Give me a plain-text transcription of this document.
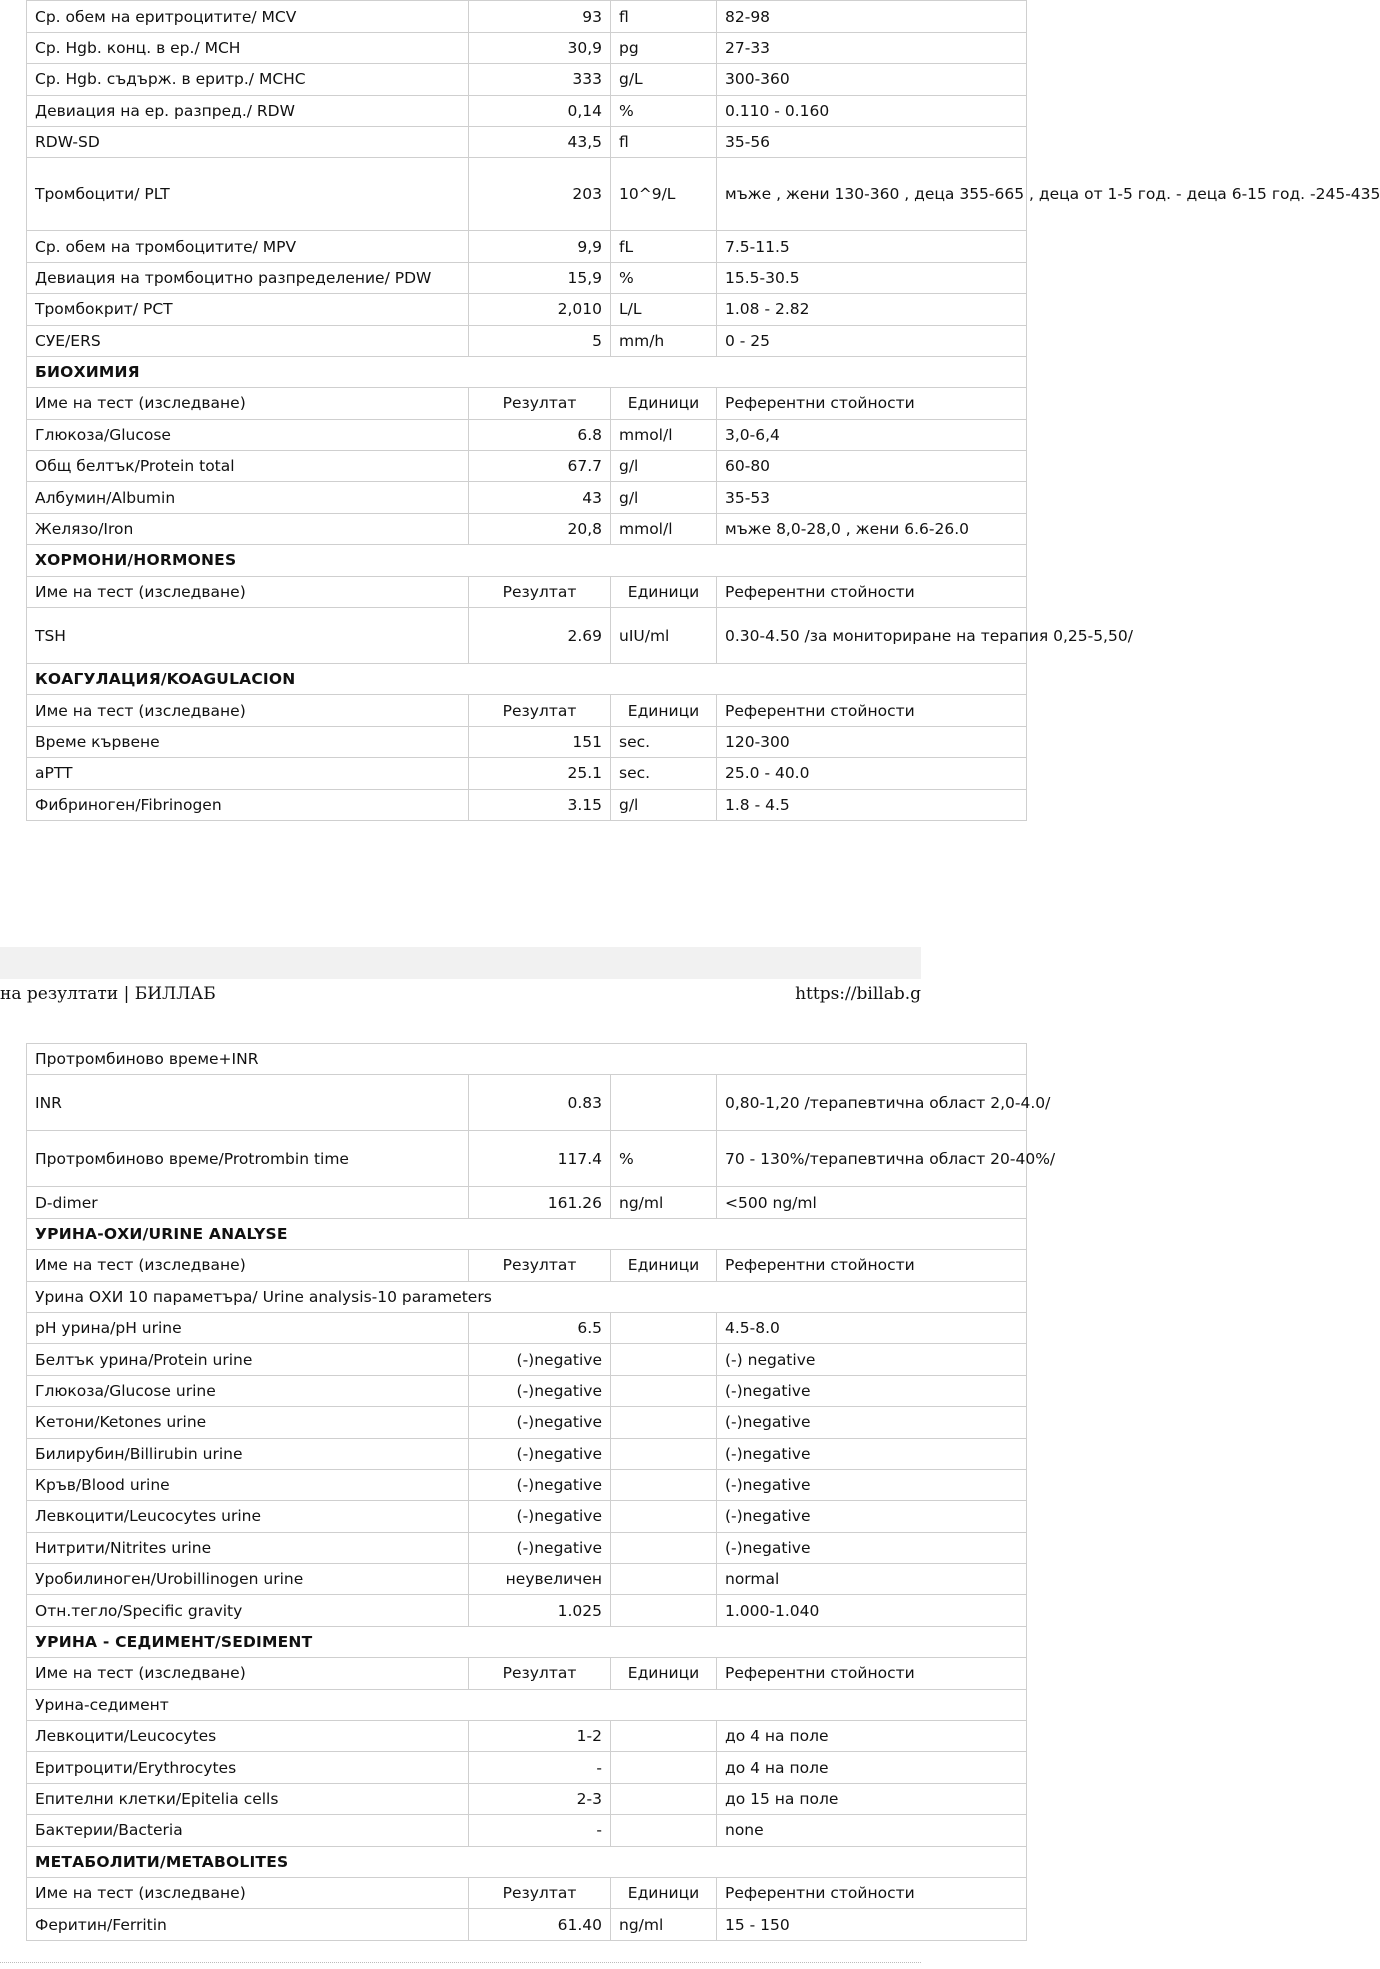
Ср. обем на еритроцитите/ MCV	93	fl	82-98
Ср. Hgb. конц. в ер./ MCH	30,9	pg	27-33
Ср. Hgb. съдърж. в еритр./ MCHC	333	g/L	300-360
Девиация на ер. разпред./ RDW	0,14	%	0.110 - 0.160
RDW-SD	43,5	fl	35-56
Тромбоцити/ PLT	203	10^9/L	мъже , жени 130-360 , деца 355-665 , деца от 1-5 год. - деца 6-15 год. -245-435
Ср. обем на тромбоцитите/ MPV	9,9	fL	7.5-11.5
Девиация на тромбоцитно разпределение/ PDW	15,9	%	15.5-30.5
Тромбокрит/ PCT	2,010	L/L	1.08 - 2.82
СУЕ/ERS	5	mm/h	0 - 25
БИОХИМИЯ			
Име на тест (изследване)	Резултат	Единици	Референтни стойности
Глюкоза/Glucose	6.8	mmol/l	3,0-6,4
Общ белтък/Protein total	67.7	g/l	60-80
Албумин/Albumin	43	g/l	35-53
Желязо/Iron	20,8	mmol/l	мъже 8,0-28,0 , жени 6.6-26.0
ХОРМОНИ/HORMONES			
Име на тест (изследване)	Резултат	Единици	Референтни стойности
TSH	2.69	uIU/ml	0.30-4.50 /за мониториране на терапия 0,25-5,50/
КОАГУЛАЦИЯ/KOAGULACION			
Име на тест (изследване)	Резултат	Единици	Референтни стойности
Време кървене	151	sec.	120-300
aPTT	25.1	sec.	25.0 - 40.0
Фибриноген/Fibrinogen	3.15	g/l	1.8 - 4.5
на резултати | БИЛЛАБ	https://billab.g
Протромбиново време+INR			
INR	0.83		0,80-1,20 /терапевтична област 2,0-4.0/
Протромбиново време/Protrombin time	117.4	%	70 - 130%/терапевтична област 20-40%/
D-dimer	161.26	ng/ml	<500 ng/ml
УРИНА-ОХИ/URINE ANALYSE			
Име на тест (изследване)	Резултат	Единици	Референтни стойности
Урина ОХИ 10 параметъра/ Urine analysis-10 parameters			
pH урина/pH urine	6.5		4.5-8.0
Белтък урина/Protein urine	(-)negative		(-) negative
Глюкоза/Glucose urine	(-)negative		(-)negative
Кетони/Ketones urine	(-)negative		(-)negative
Билирубин/Billirubin urine	(-)negative		(-)negative
Кръв/Blood urine	(-)negative		(-)negative
Левкоцити/Leucocytes urine	(-)negative		(-)negative
Нитрити/Nitrites urine	(-)negative		(-)negative
Уробилиноген/Urobillinogen urine	неувеличен		normal
Отн.тегло/Specific gravity	1.025		1.000-1.040
УРИНА - СЕДИМЕНТ/SEDIMENT			
Име на тест (изследване)	Резултат	Единици	Референтни стойности
Урина-седимент			
Левкоцити/Leucocytes	1-2		до 4 на поле
Еритроцити/Erythrocytes	-		до 4 на поле
Епителни клетки/Epitelia cells	2-3		до 15 на поле
Бактерии/Bacteria	-		none
МЕТАБОЛИТИ/METABOLITES			
Име на тест (изследване)	Резултат	Единици	Референтни стойности
Феритин/Ferritin	61.40	ng/ml	15 - 150
